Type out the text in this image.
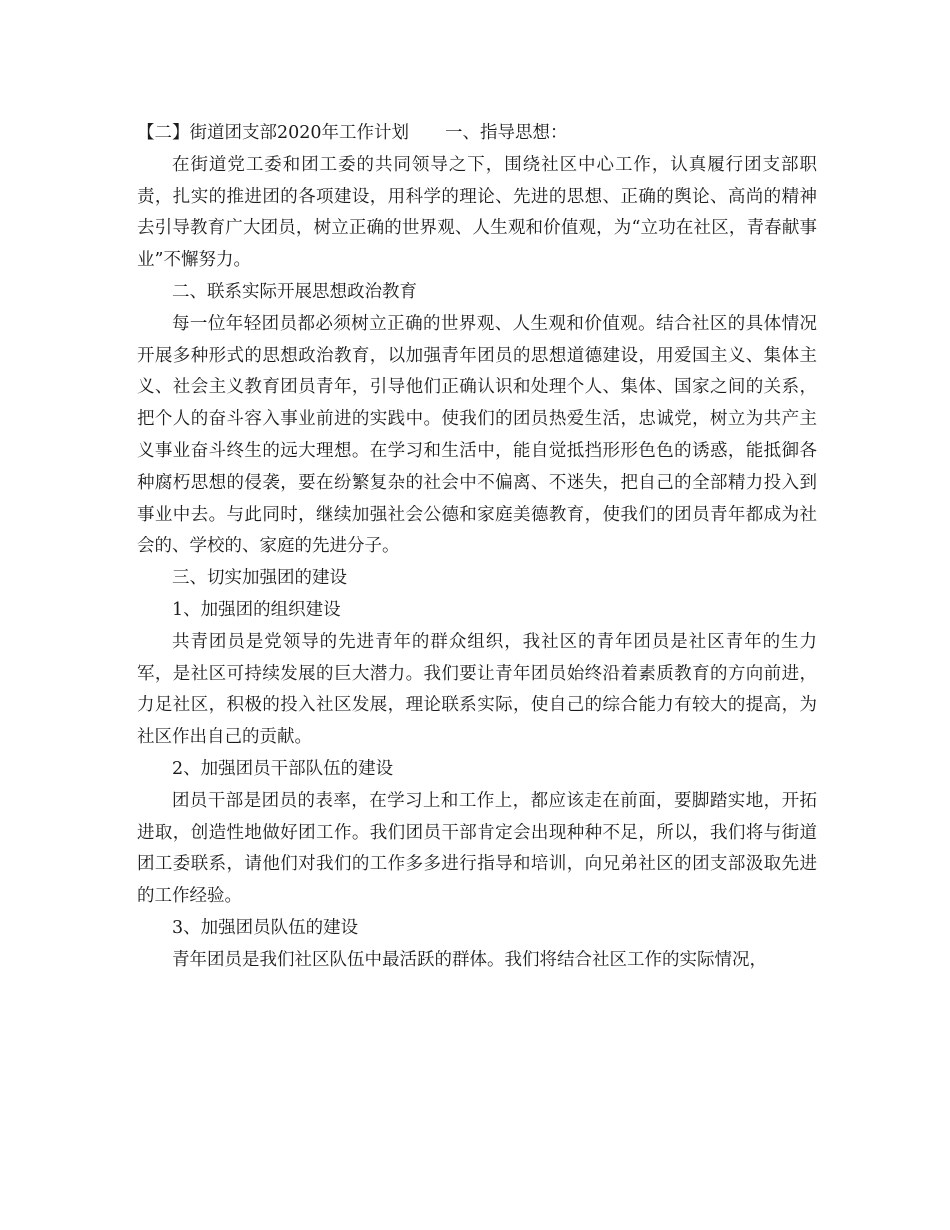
【二】街道团支部2020年工作计划 一、指导思想：

在街道党工委和团工委的共同领导之下，围绕社区中心工作，认真履行团支部职责，扎实的推进团的各项建设，用科学的理论、先进的思想、正确的舆论、高尚的精神去引导教育广大团员，树立正确的世界观、人生观和价值观，为“立功在社区，青春献事业”不懈努力。

二、联系实际开展思想政治教育

每一位年轻团员都必须树立正确的世界观、人生观和价值观。结合社区的具体情况开展多种形式的思想政治教育，以加强青年团员的思想道德建设，用爱国主义、集体主义、社会主义教育团员青年，引导他们正确认识和处理个人、集体、国家之间的关系，把个人的奋斗容入事业前进的实践中。使我们的团员热爱生活，忠诚党，树立为共产主义事业奋斗终生的远大理想。在学习和生活中，能自觉抵挡形形色色的诱惑，能抵御各种腐朽思想的侵袭，要在纷繁复杂的社会中不偏离、不迷失，把自己的全部精力投入到事业中去。与此同时，继续加强社会公德和家庭美德教育，使我们的团员青年都成为社会的、学校的、家庭的先进分子。

三、切实加强团的建设

1、加强团的组织建设

共青团员是党领导的先进青年的群众组织，我社区的青年团员是社区青年的生力军，是社区可持续发展的巨大潜力。我们要让青年团员始终沿着素质教育的方向前进，力足社区，积极的投入社区发展，理论联系实际，使自己的综合能力有较大的提高，为社区作出自己的贡献。

2、加强团员干部队伍的建设

团员干部是团员的表率，在学习上和工作上，都应该走在前面，要脚踏实地，开拓进取，创造性地做好团工作。我们团员干部肯定会出现种种不足，所以，我们将与街道团工委联系，请他们对我们的工作多多进行指导和培训，向兄弟社区的团支部汲取先进的工作经验。

3、加强团员队伍的建设

青年团员是我们社区队伍中最活跃的群体。我们将结合社区工作的实际情况，
